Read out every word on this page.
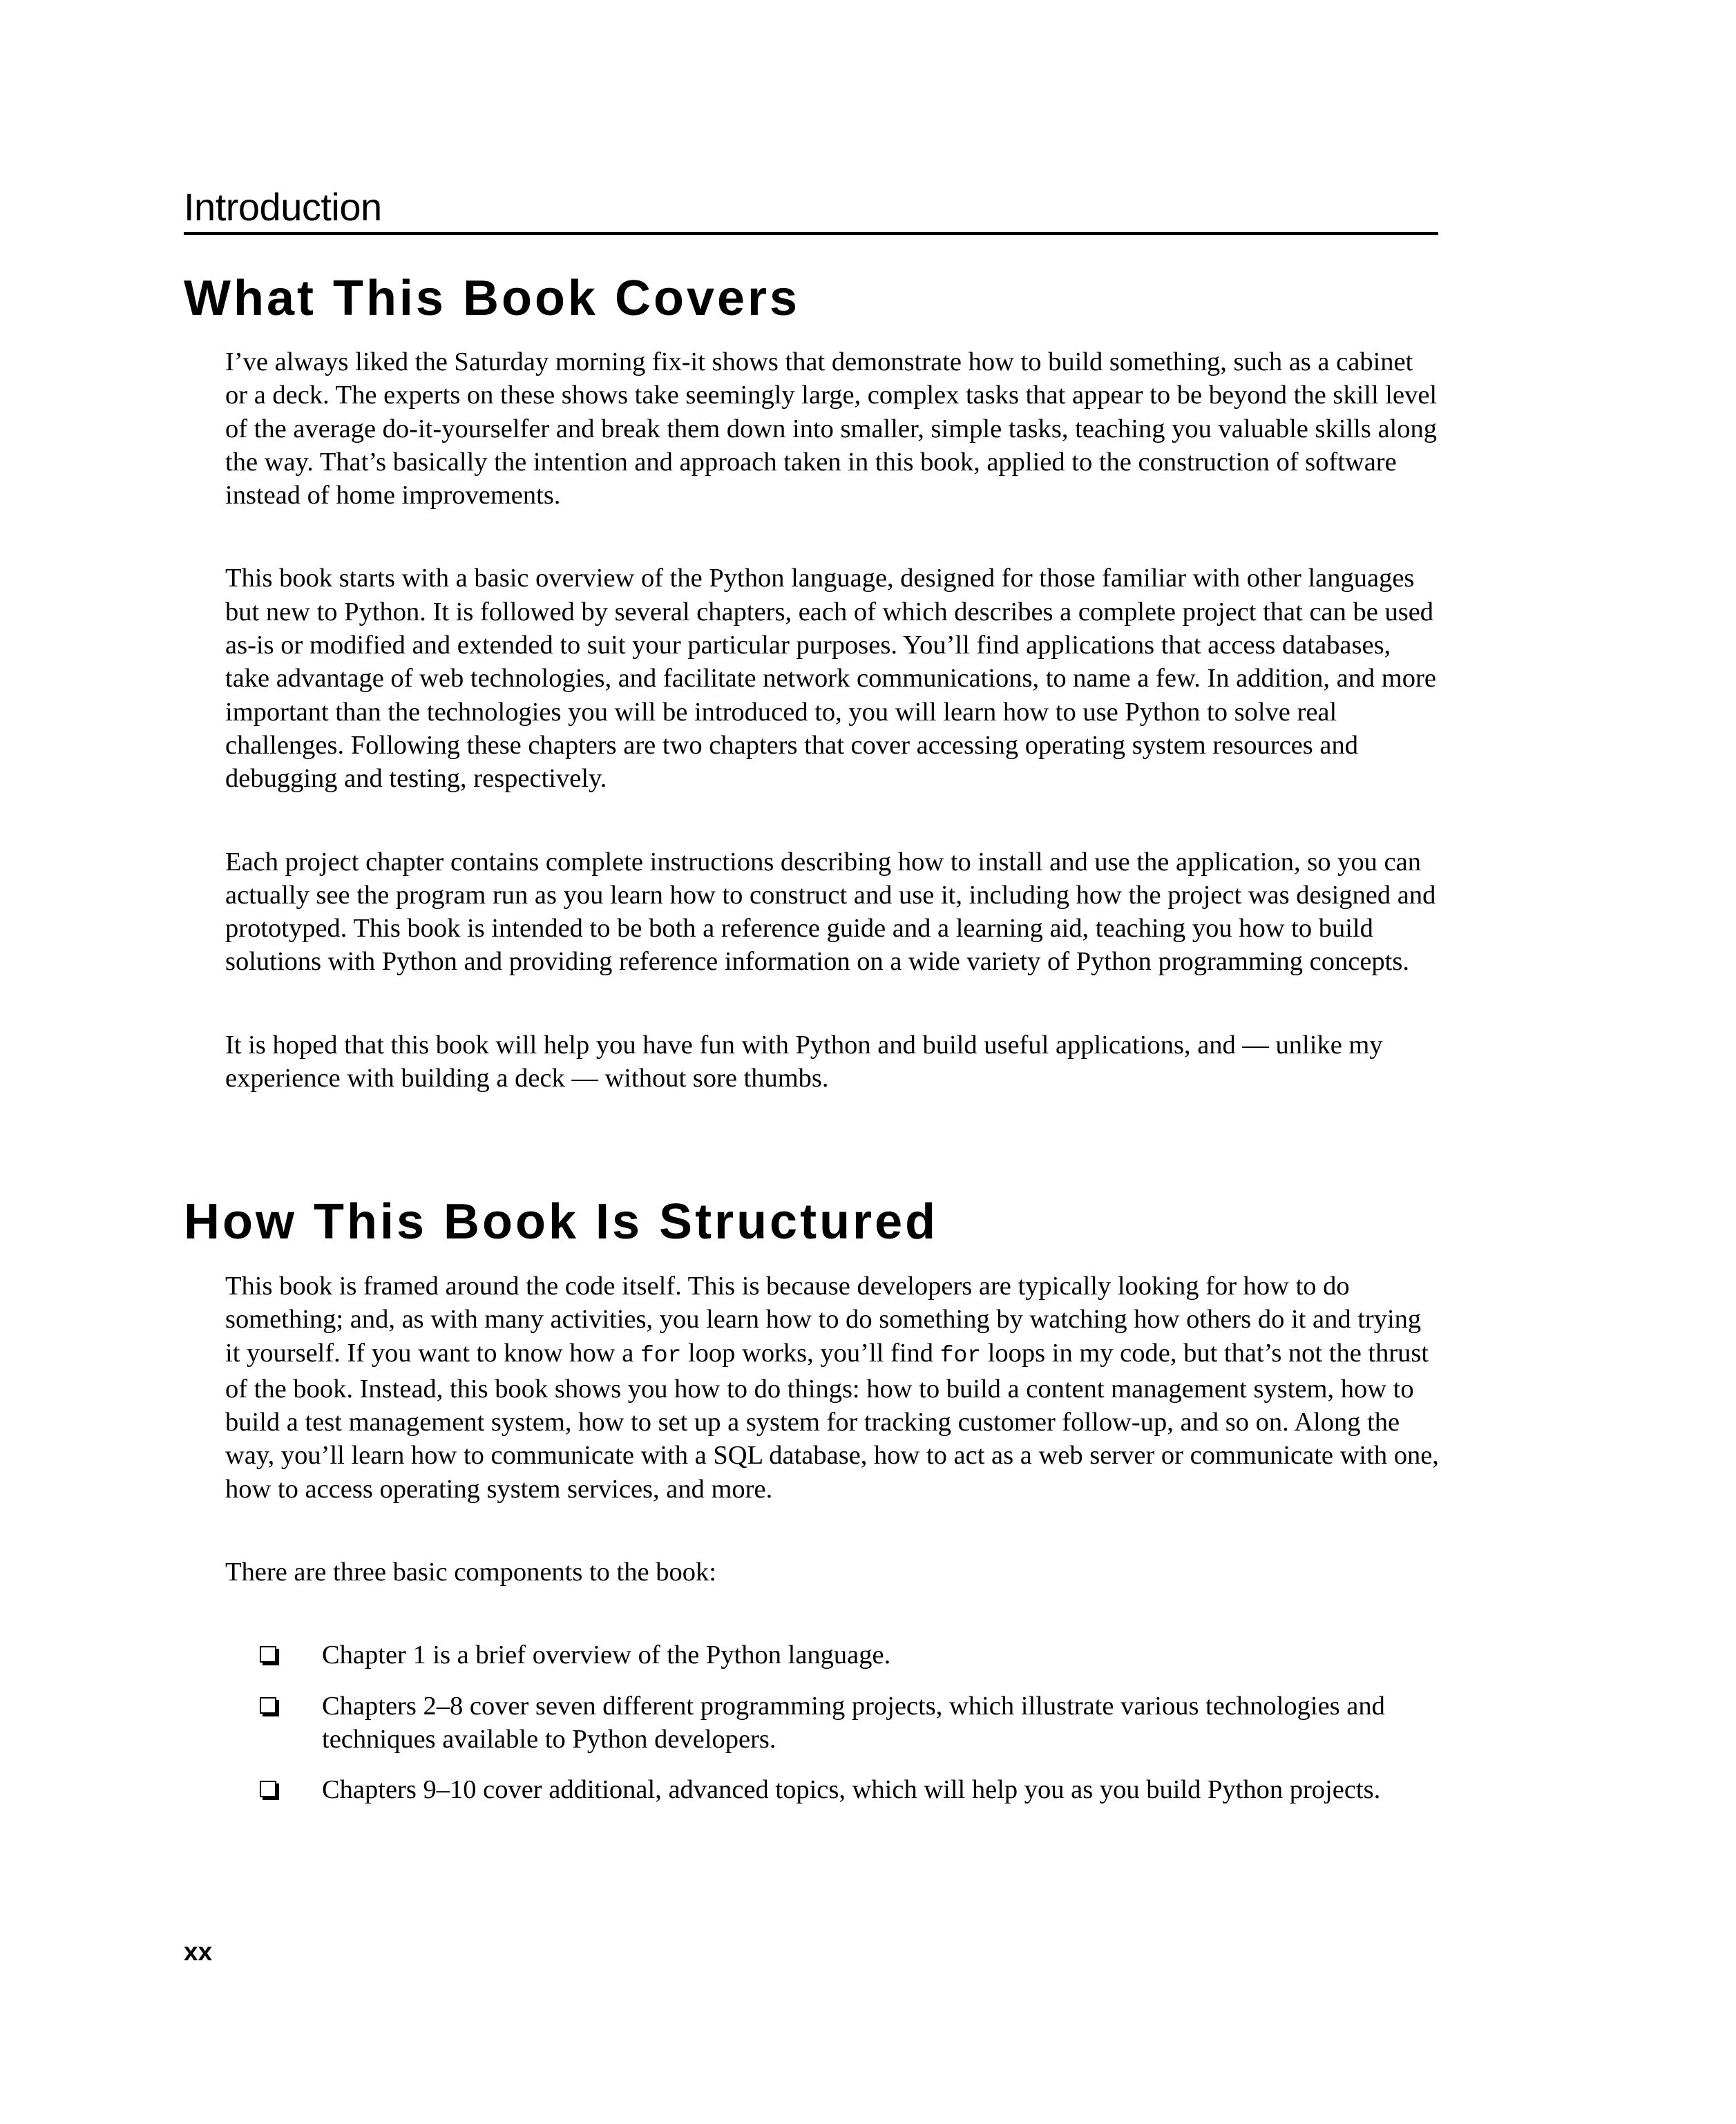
Introduction
What This Book Covers

I’ve always liked the Saturday morning fix-it shows that demonstrate how to build something, such as a cabinet or a deck. The experts on these shows take seemingly large, complex tasks that appear to be beyond the skill level of the average do-it-yourselfer and break them down into smaller, simple tasks, teaching you valuable skills along the way. That’s basically the intention and approach taken in this book, applied to the construction of software instead of home improvements.

This book starts with a basic overview of the Python language, designed for those familiar with other languages but new to Python. It is followed by several chapters, each of which describes a complete project that can be used as-is or modified and extended to suit your particular purposes. You’ll find applications that access databases, take advantage of web technologies, and facilitate network communications, to name a few. In addition, and more important than the technologies you will be introduced to, you will learn how to use Python to solve real challenges. Following these chapters are two chapters that cover accessing operating system resources and debugging and testing, respectively.

Each project chapter contains complete instructions describing how to install and use the application, so you can actually see the program run as you learn how to construct and use it, including how the project was designed and prototyped. This book is intended to be both a reference guide and a learning aid, teaching you how to build solutions with Python and providing reference information on a wide variety of Python programming concepts.

It is hoped that this book will help you have fun with Python and build useful applications, and — unlike my experience with building a deck — without sore thumbs.

How This Book Is Structured

This book is framed around the code itself. This is because developers are typically looking for how to do something; and, as with many activities, you learn how to do something by watching how others do it and trying it yourself. If you want to know how a for loop works, you’ll find for loops in my code, but that’s not the thrust of the book. Instead, this book shows you how to do things: how to build a content management system, how to build a test management system, how to set up a system for tracking customer follow-up, and so on. Along the way, you’ll learn how to communicate with a SQL database, how to act as a web server or communicate with one, how to access operating system services, and more.

There are three basic components to the book:

Chapter 1 is a brief overview of the Python language.
Chapters 2–8 cover seven different programming projects, which illustrate various technologies and techniques available to Python developers.
Chapters 9–10 cover additional, advanced topics, which will help you as you build Python projects.
xx
